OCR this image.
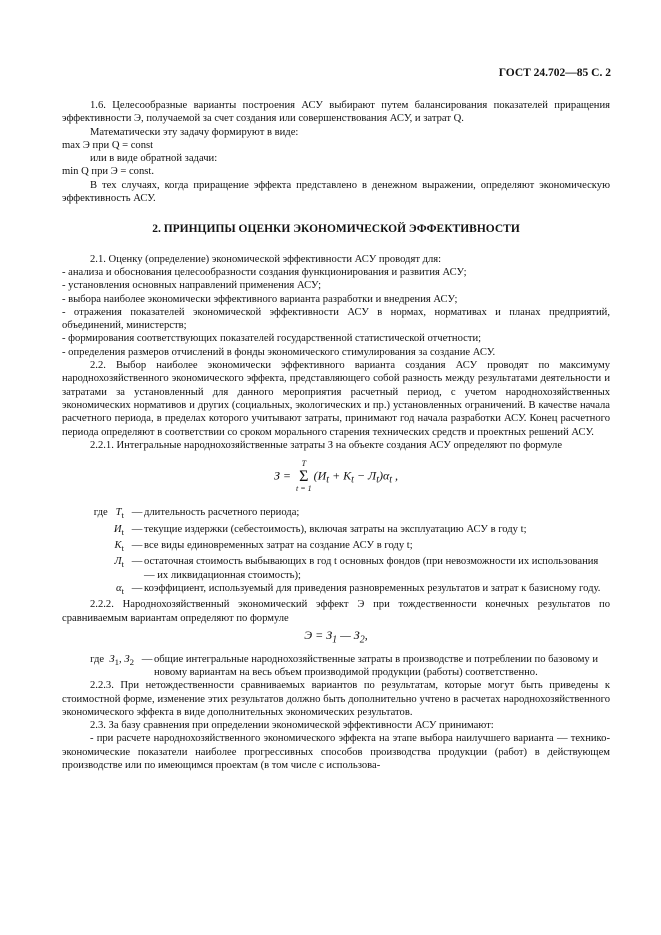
ГОСТ 24.702—85 С. 2

1.6. Целесообразные варианты построения АСУ выбирают путем балансирования показателей приращения эффективности Э, получаемой за счет создания или совершенствования АСУ, и затрат Q.

Математически эту задачу формируют в виде:

max Э при Q = const

или в виде обратной задачи:

min Q при Э = const.

В тех случаях, когда приращение эффекта представлено в денежном выражении, определяют экономическую эффективность АСУ.

2. ПРИНЦИПЫ ОЦЕНКИ ЭКОНОМИЧЕСКОЙ ЭФФЕКТИВНОСТИ

2.1. Оценку (определение) экономической эффективности АСУ проводят для:

- анализа и обоснования целесообразности создания функционирования и развития АСУ;

- установления основных направлений применения АСУ;

- выбора наиболее экономически эффективного варианта разработки и внедрения АСУ;

- отражения показателей экономической эффективности АСУ в нормах, нормативах и планах предприятий, объединений, министерств;

- формирования соответствующих показателей государственной статистической отчетности;

- определения размеров отчислений в фонды экономического стимулирования за создание АСУ.

2.2. Выбор наиболее экономически эффективного варианта создания АСУ проводят по максимуму народнохозяйственного экономического эффекта, представляющего собой разность между результатами деятельности и затратами за установленный для данного мероприятия расчетный период, с учетом народнохозяйственных экономических нормативов и других (социальных, экологических и пр.) установленных ограничений. В качестве начала расчетного периода, в пределах которого учитывают затраты, принимают год начала разработки АСУ. Конец расчетного периода определяют в соответствии со сроком морального старения технических средств и проектных решений АСУ.

2.2.1. Интегральные народнохозяйственные затраты З на объекте создания АСУ определяют по формуле

З =
T
Σ
t = 1
$(И_t + K_t - Л_t)\alpha_t$ ,
где $T_t$	—	длительность расчетного периода;
$И_t$	—	текущие издержки (себестоимость), включая затраты на эксплуатацию АСУ в году t;
$K_t$	—	все виды единовременных затрат на создание АСУ в году t;
$Л_t$	—	остаточная стоимость выбывающих в год t основных фондов (при невозможности их использования — их ликвидационная стоимость);
$\alpha_t$	—	коэффициент, используемый для приведения разновременных результатов и затрат к базисному году.

2.2.2. Народнохозяйственный экономический эффект Э при тождественности конечных результатов по сравниваемым вариантам определяют по формуле

$Э = З_1$ — $З_2$,
где $З_1$, $З_2$	—	общие интегральные народнохозяйственные затраты в производстве и потреблении по базовому и новому вариантам на весь объем производимой продукции (работы) соответственно.

2.2.3. При нетождественности сравниваемых вариантов по результатам, которые могут быть приведены к стоимостной форме, изменение этих результатов должно быть дополнительно учтено в расчетах народнохозяйственного экономического эффекта в виде дополнительных экономических результатов.

2.3. За базу сравнения при определении экономической эффективности АСУ принимают:

- при расчете народнохозяйственного экономического эффекта на этапе выбора наилучшего варианта — технико-экономические показатели наиболее прогрессивных способов производства продукции (работ) в действующем производстве или по имеющимся проектам (в том числе с использова-
